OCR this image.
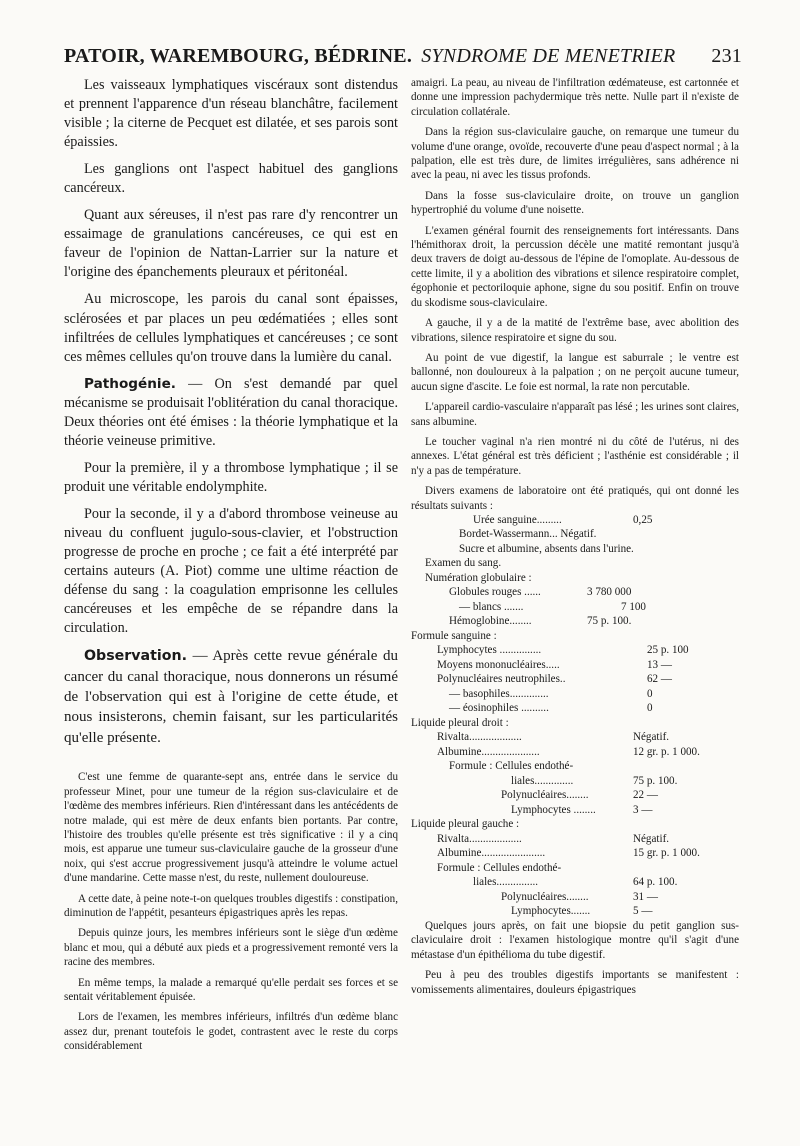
PATOIR, WAREMBOURG, BÉDRINE. SYNDROME DE MENETRIER 231

Les vaisseaux lymphatiques viscéraux sont distendus et prennent l'apparence d'un réseau blanchâtre, facilement visible ; la citerne de Pecquet est dilatée, et ses parois sont épaissies.

Les ganglions ont l'aspect habituel des ganglions cancéreux.

Quant aux séreuses, il n'est pas rare d'y rencontrer un essaimage de granulations cancéreuses, ce qui est en faveur de l'opinion de Nattan-Larrier sur la nature et l'origine des épanchements pleuraux et péritonéal.

Au microscope, les parois du canal sont épaisses, sclérosées et par places un peu œdématiées ; elles sont infiltrées de cellules lymphatiques et cancéreuses ; ce sont ces mêmes cellules qu'on trouve dans la lumière du canal.

Pathogénie. — On s'est demandé par quel mécanisme se produisait l'oblitération du canal thoracique. Deux théories ont été émises : la théorie lymphatique et la théorie veineuse primitive.

Pour la première, il y a thrombose lymphatique ; il se produit une véritable endolymphite.

Pour la seconde, il y a d'abord thrombose veineuse au niveau du confluent jugulo-sous-clavier, et l'obstruction progresse de proche en proche ; ce fait a été interprété par certains auteurs (A. Piot) comme une ultime réaction de défense du sang : la coagulation emprisonne les cellules cancéreuses et les empêche de se répandre dans la circulation.

Observation. — Après cette revue générale du cancer du canal thoracique, nous donnerons un résumé de l'observation qui est à l'origine de cette étude, et nous insisterons, chemin faisant, sur les particularités qu'elle présente.

C'est une femme de quarante-sept ans, entrée dans le service du professeur Minet, pour une tumeur de la région sus-claviculaire et de l'œdème des membres inférieurs. Rien d'intéressant dans les antécédents de notre malade, qui est mère de deux enfants bien portants. Par contre, l'histoire des troubles qu'elle présente est très significative : il y a cinq mois, est apparue une tumeur sus-claviculaire gauche de la grosseur d'une noix, qui s'est accrue progressivement jusqu'à atteindre le volume actuel d'une mandarine. Cette masse n'est, du reste, nullement douloureuse.

A cette date, à peine note-t-on quelques troubles digestifs : constipation, diminution de l'appétit, pesanteurs épigastriques après les repas.

Depuis quinze jours, les membres inférieurs sont le siège d'un œdème blanc et mou, qui a débuté aux pieds et a progressivement remonté vers la racine des membres.

En même temps, la malade a remarqué qu'elle perdait ses forces et se sentait véritablement épuisée.

Lors de l'examen, les membres inférieurs, infiltrés d'un œdème blanc assez dur, prenant toutefois le godet, contrastent avec le reste du corps considérablement

amaigri. La peau, au niveau de l'infiltration œdémateuse, est cartonnée et donne une impression pachydermique très nette. Nulle part il n'existe de circulation collatérale.

Dans la région sus-claviculaire gauche, on remarque une tumeur du volume d'une orange, ovoïde, recouverte d'une peau d'aspect normal ; à la palpation, elle est très dure, de limites irrégulières, sans adhérence ni avec la peau, ni avec les tissus profonds.

Dans la fosse sus-claviculaire droite, on trouve un ganglion hypertrophié du volume d'une noisette.

L'examen général fournit des renseignements fort intéressants. Dans l'hémithorax droit, la percussion décèle une matité remontant jusqu'à deux travers de doigt au-dessous de l'épine de l'omoplate. Au-dessous de cette limite, il y a abolition des vibrations et silence respiratoire complet, égophonie et pectoriloquie aphone, signe du sou positif. Enfin on trouve du skodisme sous-claviculaire.

A gauche, il y a de la matité de l'extrême base, avec abolition des vibrations, silence respiratoire et signe du sou.

Au point de vue digestif, la langue est saburrale ; le ventre est ballonné, non douloureux à la palpation ; on ne perçoit aucune tumeur, aucun signe d'ascite. Le foie est normal, la rate non percutable.

L'appareil cardio-vasculaire n'apparaît pas lésé ; les urines sont claires, sans albumine.

Le toucher vaginal n'a rien montré ni du côté de l'utérus, ni des annexes. L'état général est très déficient ; l'asthénie est considérable ; il n'y a pas de température.

Divers examens de laboratoire ont été pratiqués, qui ont donné les résultats suivants :

Urée sanguine.........	0,25
Bordet-Wassermann... Négatif.
Sucre et albumine, absents dans l'urine.
Examen du sang.
Numération globulaire :
Globules rouges ......	3 780 000
— blancs .......	7 100
Hémoglobine........	75 p. 100.
Formule sanguine :
Lymphocytes ...............	25 p. 100
Moyens mononucléaires.....	13 —
Polynucléaires neutrophiles..	62 —
— basophiles..............	0
— éosinophiles ..........	0
Liquide pleural droit :
Rivalta...................	Négatif.
Albumine.....................	12 gr. p. 1 000.
Formule : Cellules endothé-
liales..............	75 p. 100.
Polynucléaires........	22 —
Lymphocytes ........	3 —
Liquide pleural gauche :
Rivalta...................	Négatif.
Albumine.......................	15 gr. p. 1 000.
Formule : Cellules endothé-
liales...............	64 p. 100.
Polynucléaires........	31 —
Lymphocytes.......	5 —

Quelques jours après, on fait une biopsie du petit ganglion sus-claviculaire droit : l'examen histologique montre qu'il s'agit d'une métastase d'un épithélioma du tube digestif.

Peu à peu des troubles digestifs importants se manifestent : vomissements alimentaires, douleurs épigastriques
